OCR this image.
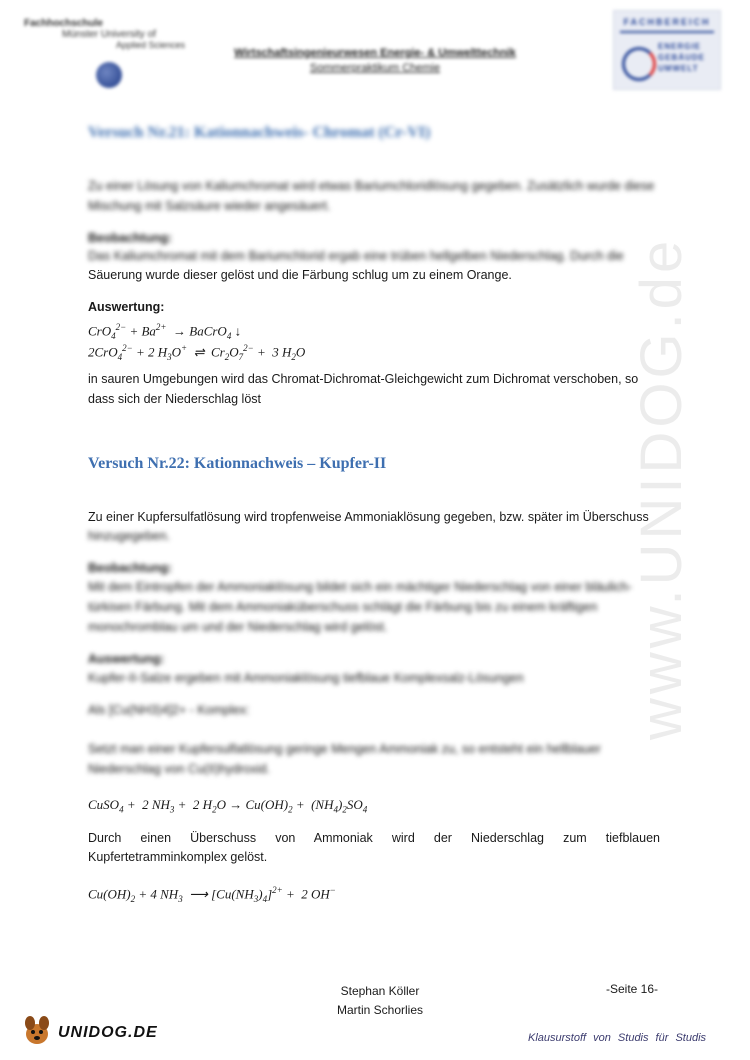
Fachhochschule
Münster University of
Applied Sciences
Wirtschaftsingenieurwesen Energie- & Umwelttechnik
Sommerpraktikum Chemie
FACHBEREICH
ENERGIE
GEBÄUDE
UMWELT
www.UNIDOG.de
Versuch Nr.21: Kationnachweis- Chromat (Cr-VI)
Zu einer Lösung von Kaliumchromat wird etwas Bariumchloridlösung gegeben. Zusätzlich wurde diese Mischung mit Salzsäure wieder angesäuert.
Beobachtung:
Das Kaliumchromat mit dem Bariumchlorid ergab eine trüben hellgelben Niederschlag. Durch die
Säuerung wurde dieser gelöst und die Färbung schlug um zu einem Orange.
Auswertung:
$CrO_4^{2-} + Ba^{2+}$  → BaCrO$_4$ ↓
2CrO$_4^{2-}$ + 2 $H_3O^+$  ⇌  $Cr_2O_7^{2-} + 3$ $H_2O$
in sauren Umgebungen wird das Chromat-Dichromat-Gleichgewicht zum Dichromat verschoben, so dass sich der Niederschlag löst
Versuch Nr.22: Kationnachweis – Kupfer-II
Zu einer Kupfersulfatlösung wird tropfenweise Ammoniaklösung gegeben, bzw. später im Überschuss
hinzugegeben.
Beobachtung:
Mit dem Eintropfen der Ammoniaklösung bildet sich ein mächtiger Niederschlag von einer bläulich-türkisen Färbung. Mit dem Ammoniaküberschuss schlägt die Färbung bis zu einem kräftigen monochromblau um und der Niederschlag wird gelöst.
Auswertung:
Kupfer-II-Salze ergeben mit Ammoniaklösung tiefblaue Komplexsalz-Lösungen
Als [Cu(NH3)4]2+ - Komplex:
Setzt man einer Kupfersulfatlösung geringe Mengen Ammoniak zu, so entsteht ein hellblauer Niederschlag von Cu(II)hydroxid.
CuSO$_4$ +  2 $NH_3 + 2$ $H_2O \to Cu(OH)_2 + (NH_4)_2SO_4$
Durch einen Überschuss von Ammoniak wird der Niederschlag zum tiefblauen
Kupfertetramminkomplex gelöst.
$Cu(OH)_2 + 4$ $NH_3$  ⟶ $[Cu(NH_3)_4]^{2+} + 2$ OH−
Stephan Köller
Martin Schorlies
-Seite 16-
UNIDOG.DE	Klausurstoff von Studis für Studis
